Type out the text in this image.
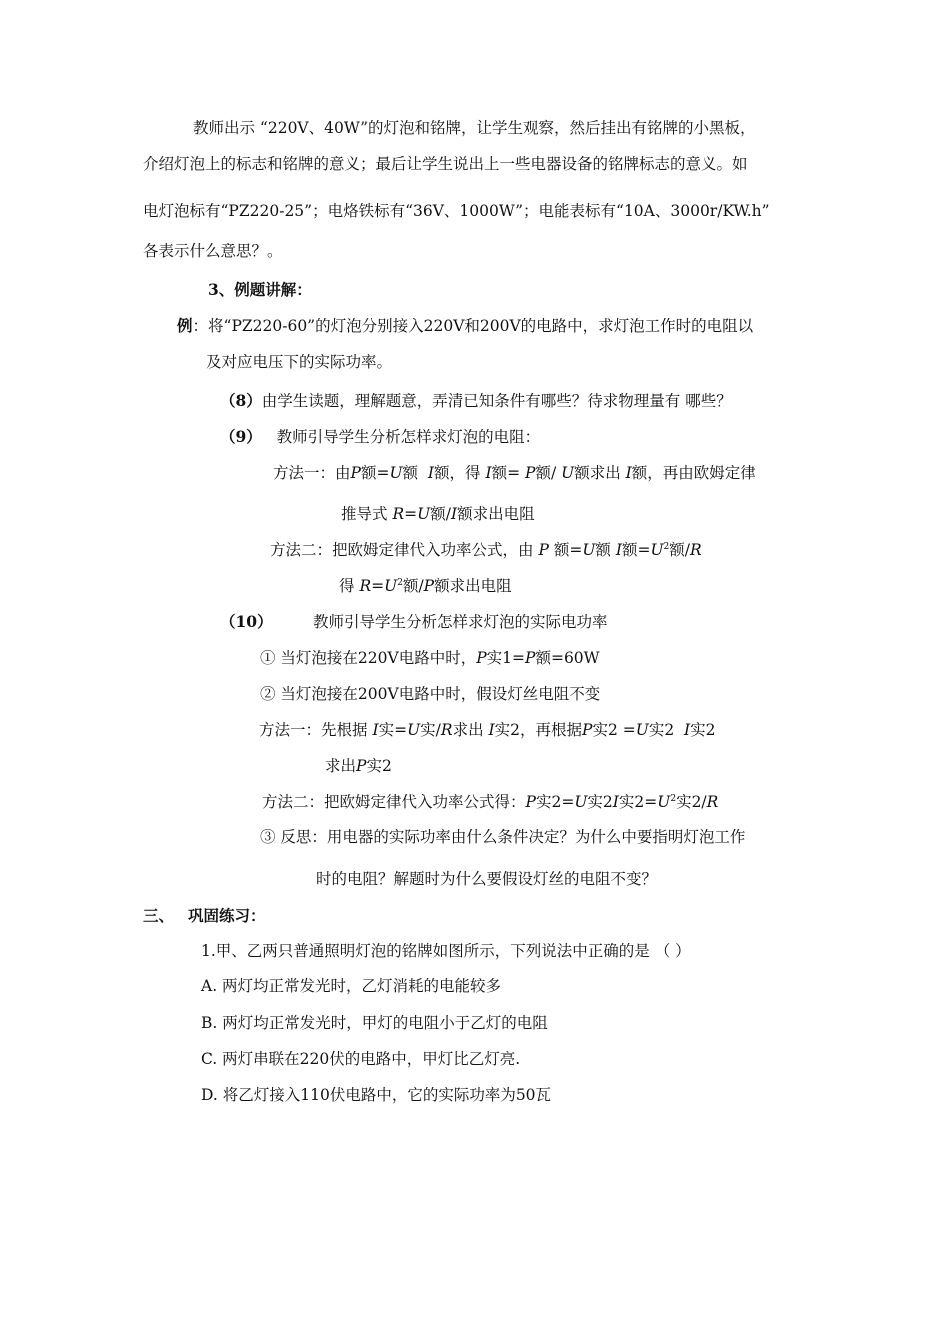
教师出示 “220V、40W”的灯泡和铭牌，让学生观察，然后挂出有铭牌的小黑板，
介绍灯泡上的标志和铭牌的意义；最后让学生说出上一些电器设备的铭牌标志的意义。如
电灯泡标有“PZ220-25”；电烙铁标有“36V、1000W”；电能表标有“10A、3000r/KW.h”
各表示什么意思？。
3、例题讲解：
例：将“PZ220-60”的灯泡分别接入220V和200V的电路中，求灯泡工作时的电阻以
及对应电压下的实际功率。
（8）由学生读题，理解题意，弄清已知条件有哪些？待求物理量有 哪些？
（9） 教师引导学生分析怎样求灯泡的电阻：
方法一：由P额=U额  I额，得 I额= P额/ U额求出 I额，再由欧姆定律
推导式 R=U额/I额求出电阻
方法二：把欧姆定律代入功率公式，由 P 额=U额 I额$=U^2$额/R
得 $R=U^2$额/P额求出电阻
（10）	教师引导学生分析怎样求灯泡的实际电功率
① 当灯泡接在220V电路中时，P实1=P额=60W
② 当灯泡接在200V电路中时，假设灯丝电阻不变
方法一：先根据 I实=U实/R求出 I实2，再根据P实2 =U实2  I实2
求出P实2
方法二：把欧姆定律代入功率公式得：P实2=U实2I实$2=U^2$实2/R
③ 反思：用电器的实际功率由什么条件决定？为什么中要指明灯泡工作
时的电阻？解题时为什么要假设灯丝的电阻不变？
三、 巩固练习：
1.甲、乙两只普通照明灯泡的铭牌如图所示，下列说法中正确的是 （ ）
A. 两灯均正常发光时，乙灯消耗的电能较多
B. 两灯均正常发光时，甲灯的电阻小于乙灯的电阻
C. 两灯串联在220伏的电路中，甲灯比乙灯亮.
D. 将乙灯接入110伏电路中，它的实际功率为50瓦
